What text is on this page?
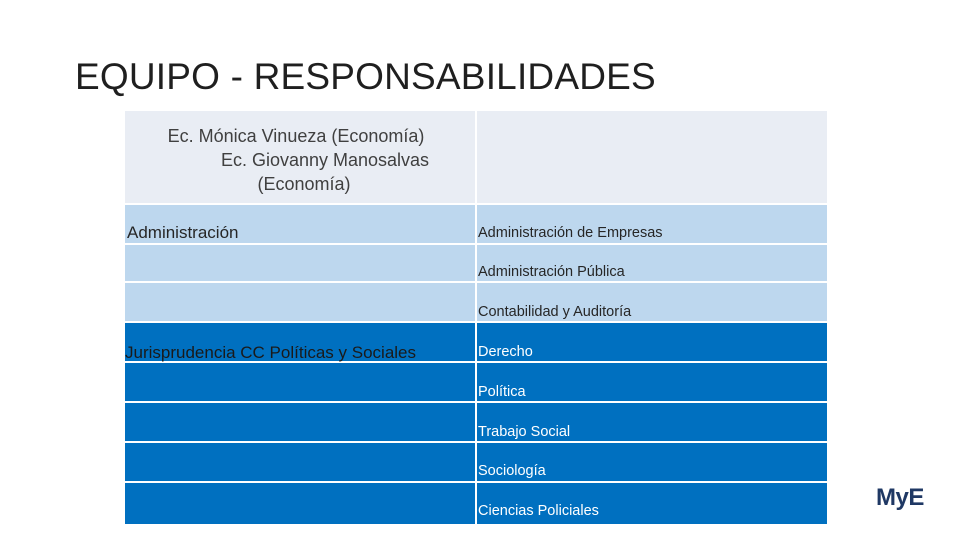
EQUIPO - RESPONSABILIDADES
Ec. Mónica Vinueza (Economía)
Ec. Giovanny Manosalvas
(Economía)
Administración
Jurisprudencia CC Políticas y Sociales
Administración de Empresas
Administración Pública
Contabilidad y Auditoría
Derecho
Política
Trabajo Social
Sociología
Ciencias Policiales	MyE
